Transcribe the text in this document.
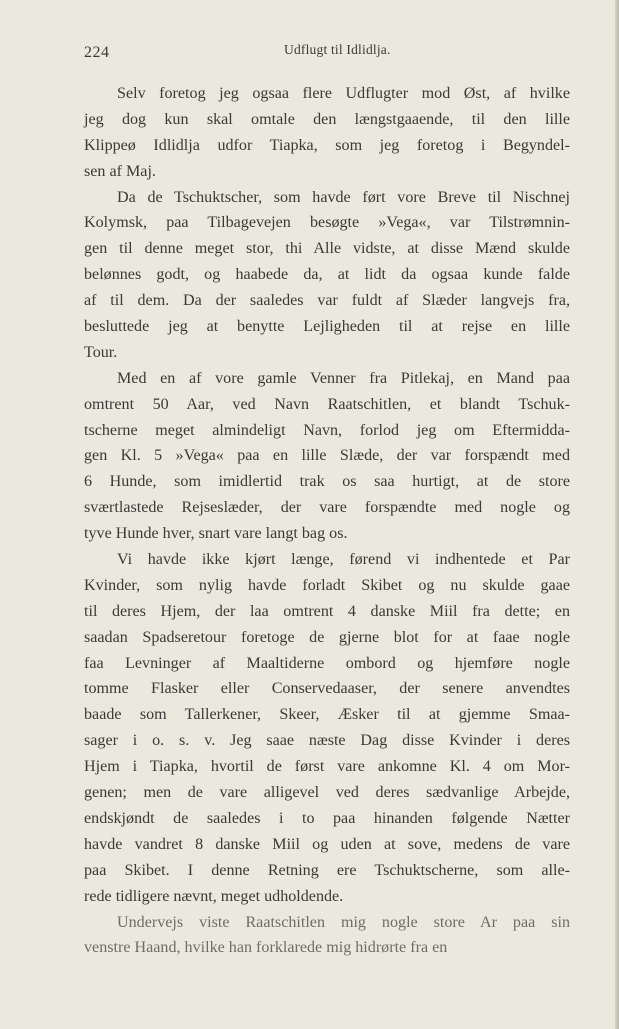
224	Udflugt til Idlidlja.
Selv foretog jeg ogsaa flere Udflugter mod Øst, af hvilke
jeg dog kun skal omtale den længstgaaende, til den lille
Klippeø Idlidlja udfor Tiapka, som jeg foretog i Begyndel-
sen af Maj.
Da de Tschuktscher, som havde ført vore Breve til Nischnej
Kolymsk, paa Tilbagevejen besøgte »Vega«, var Tilstrømnin-
gen til denne meget stor, thi Alle vidste, at disse Mænd skulde
belønnes godt, og haabede da, at lidt da ogsaa kunde falde
af til dem. Da der saaledes var fuldt af Slæder langvejs fra,
besluttede jeg at benytte Lejligheden til at rejse en lille
Tour.
Med en af vore gamle Venner fra Pitlekaj, en Mand paa
omtrent 50 Aar, ved Navn Raatschitlen, et blandt Tschuk-
tscherne meget almindeligt Navn, forlod jeg om Eftermidda-
gen Kl. 5 »Vega« paa en lille Slæde, der var forspændt med
6 Hunde, som imidlertid trak os saa hurtigt, at de store
sværtlastede Rejseslæder, der vare forspændte med nogle og
tyve Hunde hver, snart vare langt bag os.
Vi havde ikke kjørt længe, førend vi indhentede et Par
Kvinder, som nylig havde forladt Skibet og nu skulde gaae
til deres Hjem, der laa omtrent 4 danske Miil fra dette; en
saadan Spadseretour foretoge de gjerne blot for at faae nogle
faa Levninger af Maaltiderne ombord og hjemføre nogle
tomme Flasker eller Conservedaaser, der senere anvendtes
baade som Tallerkener, Skeer, Æsker til at gjemme Smaa-
sager i o. s. v. Jeg saae næste Dag disse Kvinder i deres
Hjem i Tiapka, hvortil de først vare ankomne Kl. 4 om Mor-
genen; men de vare alligevel ved deres sædvanlige Arbejde,
endskjøndt de saaledes i to paa hinanden følgende Nætter
havde vandret 8 danske Miil og uden at sove, medens de vare
paa Skibet. I denne Retning ere Tschuktscherne, som alle-
rede tidligere nævnt, meget udholdende.
Undervejs viste Raatschitlen mig nogle store Ar paa sin
venstre Haand, hvilke han forklarede mig hidrørte fra en
